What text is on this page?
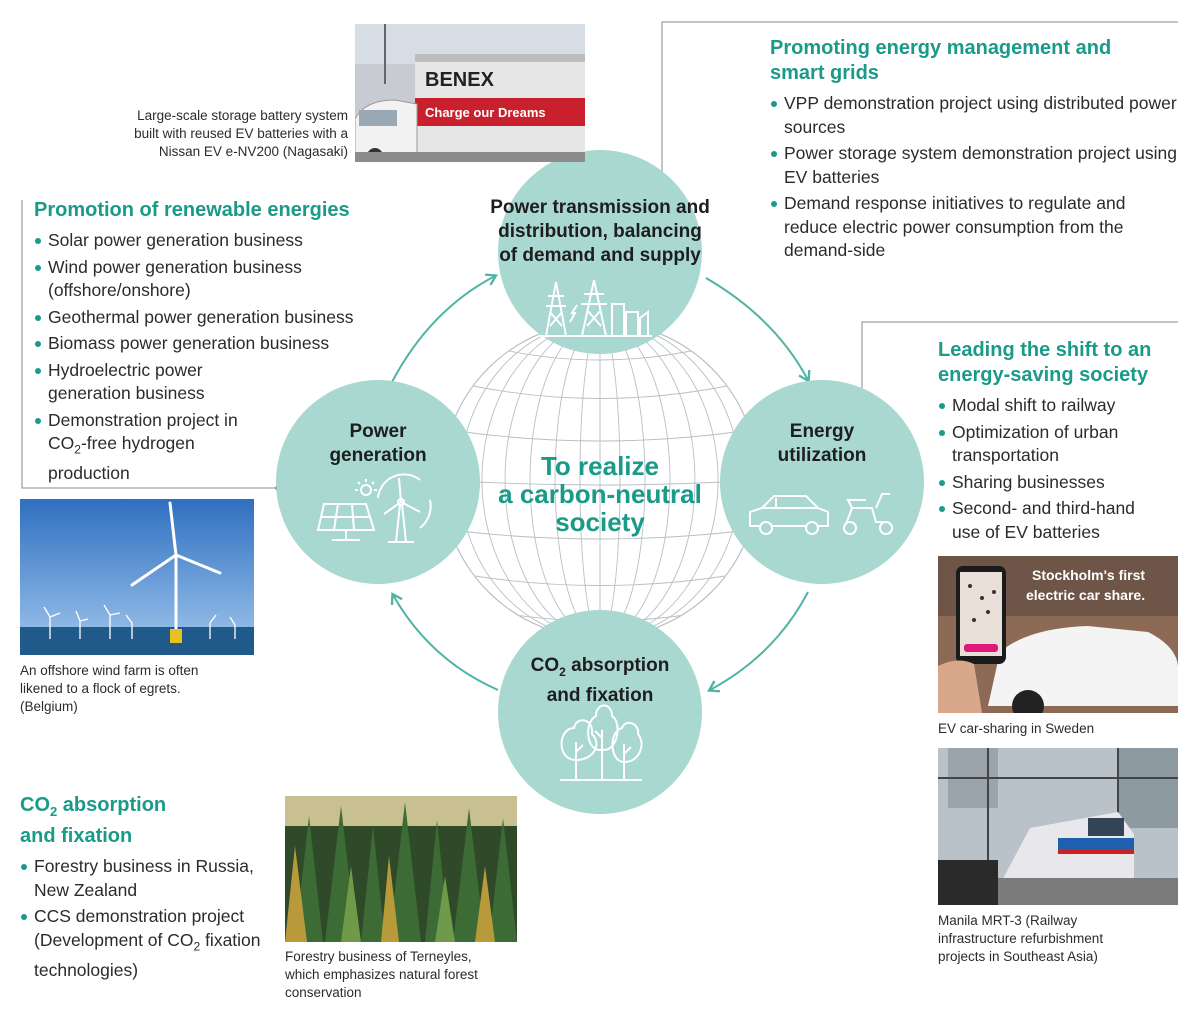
To realize
a carbon-neutral
society
Power transmission and
distribution, balancing
of demand and supply
Power
generation
Energy
utilization
$CO_2$ absorption
and fixation
BENEX
Charge our Dreams
Large-scale storage battery system
built with reused EV batteries with a
Nissan EV e-NV200 (Nagasaki)
Promoting energy management and
smart grids
VPP demonstration project using distributed power sources
Power storage system demonstration project using EV batteries
Demand response initiatives to regulate and reduce electric power consumption from the demand-side
Promotion of renewable energies
Solar power generation business
Wind power generation business (offshore/onshore)
Geothermal power generation business
Biomass power generation business
Hydroelectric power generation business
Demonstration project in $CO_2$-free hydrogen production
Leading the shift to an
energy-saving society
Modal shift to railway
Optimization of urban transportation
Sharing businesses
Second- and third-hand use of EV batteries
An offshore wind farm is often
likened to a flock of egrets.
(Belgium)
Stockholm's first
electric car share.
EV car-sharing in Sweden
Manila MRT-3 (Railway
infrastructure refurbishment
projects in Southeast Asia)
$CO_2$ absorption
and fixation
Forestry business in Russia, New Zealand
CCS demonstration project (Development of $CO_2$ fixation technologies)
Forestry business of Terneyles,
which emphasizes natural forest
conservation
